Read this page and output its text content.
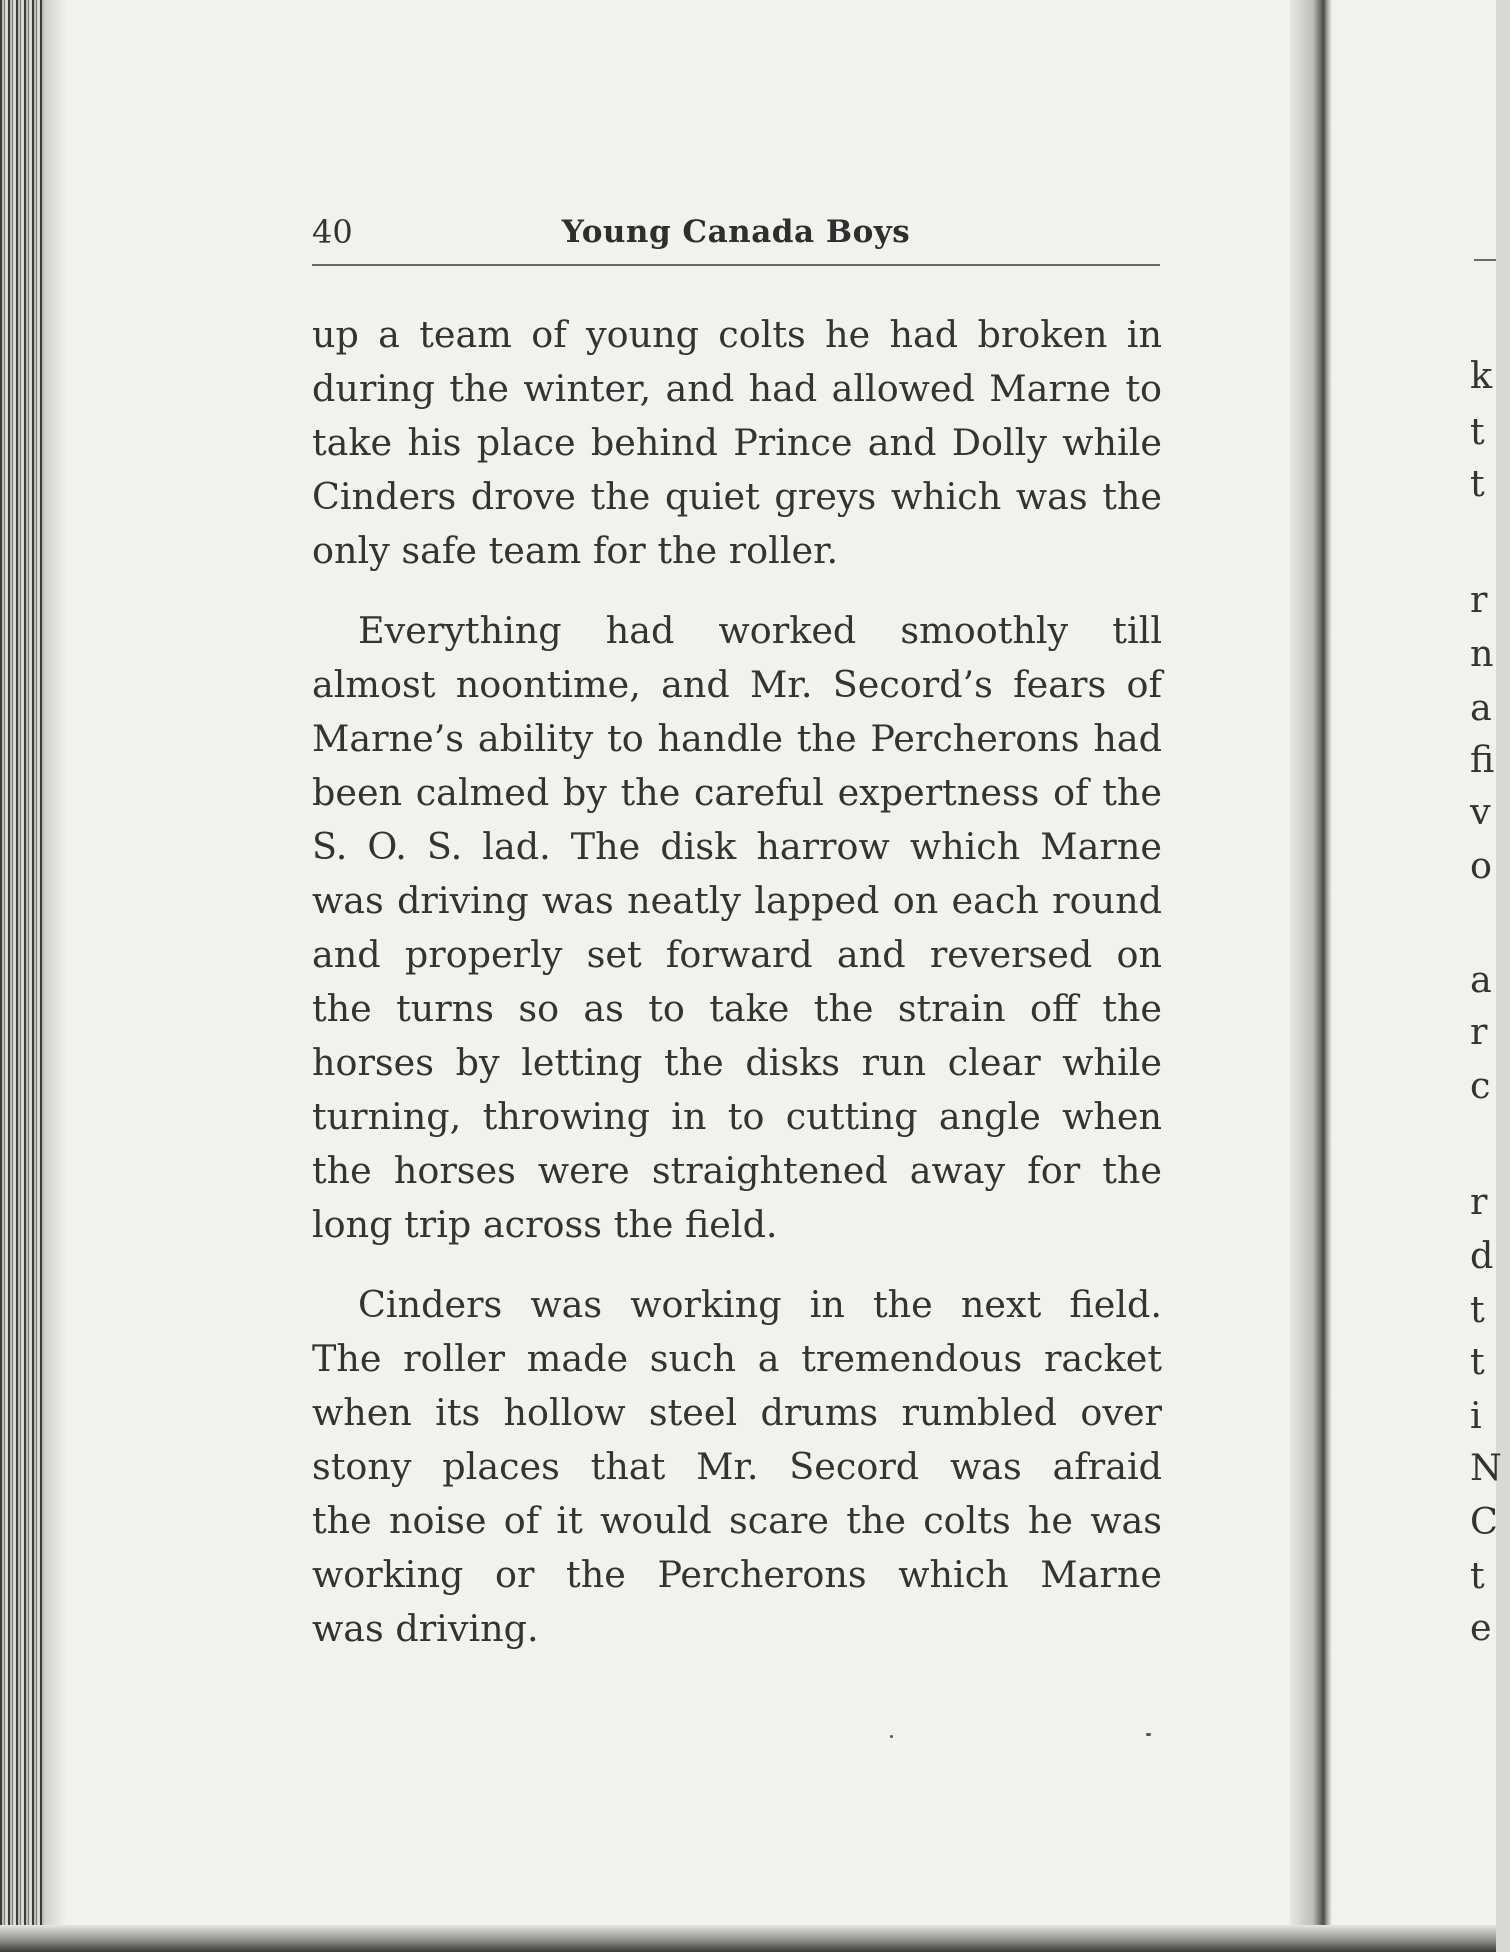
40	Young Canada Boys

up a team of young colts he had broken in
during the winter, and had allowed Marne to
take his place behind Prince and Dolly while
Cinders drove the quiet greys which was the
only safe team for the roller.

Everything had worked smoothly till
almost noontime, and Mr. Secord’s fears of
Marne’s ability to handle the Percherons had
been calmed by the careful expertness of the
S. O. S. lad. The disk harrow which Marne
was driving was neatly lapped on each round
and properly set forward and reversed on
the turns so as to take the strain off the
horses by letting the disks run clear while
turning, throwing in to cutting angle when
the horses were straightened away for the
long trip across the field.

Cinders was working in the next field.
The roller made such a tremendous racket
when its hollow steel drums rumbled over
stony places that Mr. Secord was afraid
the noise of it would scare the colts he was
working or the Percherons which Marne
was driving.

k
t
t
r
n
a
fi
v
o
a
r
c
r
d
t
t
i
N
C
t
e
